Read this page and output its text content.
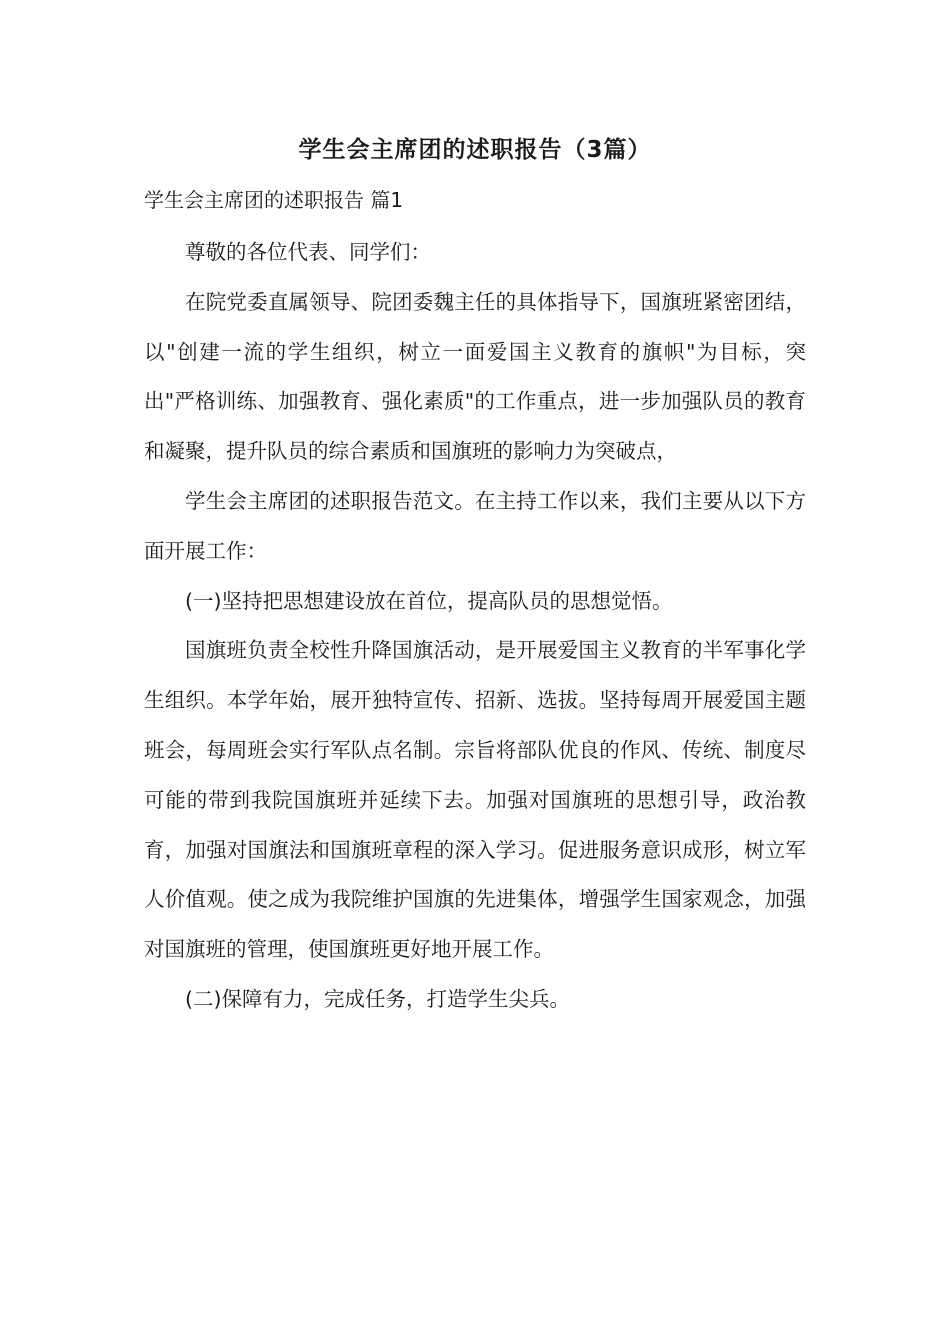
学生会主席团的述职报告（3篇）
学生会主席团的述职报告 篇1

尊敬的各位代表、同学们：

在院党委直属领导、院团委魏主任的具体指导下，国旗班紧密团结，以"创建一流的学生组织，树立一面爱国主义教育的旗帜"为目标，突出"严格训练、加强教育、强化素质"的工作重点，进一步加强队员的教育和凝聚，提升队员的综合素质和国旗班的影响力为突破点，

学生会主席团的述职报告范文。在主持工作以来，我们主要从以下方面开展工作：

(一)坚持把思想建设放在首位，提高队员的思想觉悟。

国旗班负责全校性升降国旗活动，是开展爱国主义教育的半军事化学生组织。本学年始，展开独特宣传、招新、选拔。坚持每周开展爱国主题班会，每周班会实行军队点名制。宗旨将部队优良的作风、传统、制度尽可能的带到我院国旗班并延续下去。加强对国旗班的思想引导，政治教育，加强对国旗法和国旗班章程的深入学习。促进服务意识成形，树立军人价值观。使之成为我院维护国旗的先进集体，增强学生国家观念，加强对国旗班的管理，使国旗班更好地开展工作。

(二)保障有力，完成任务，打造学生尖兵。
